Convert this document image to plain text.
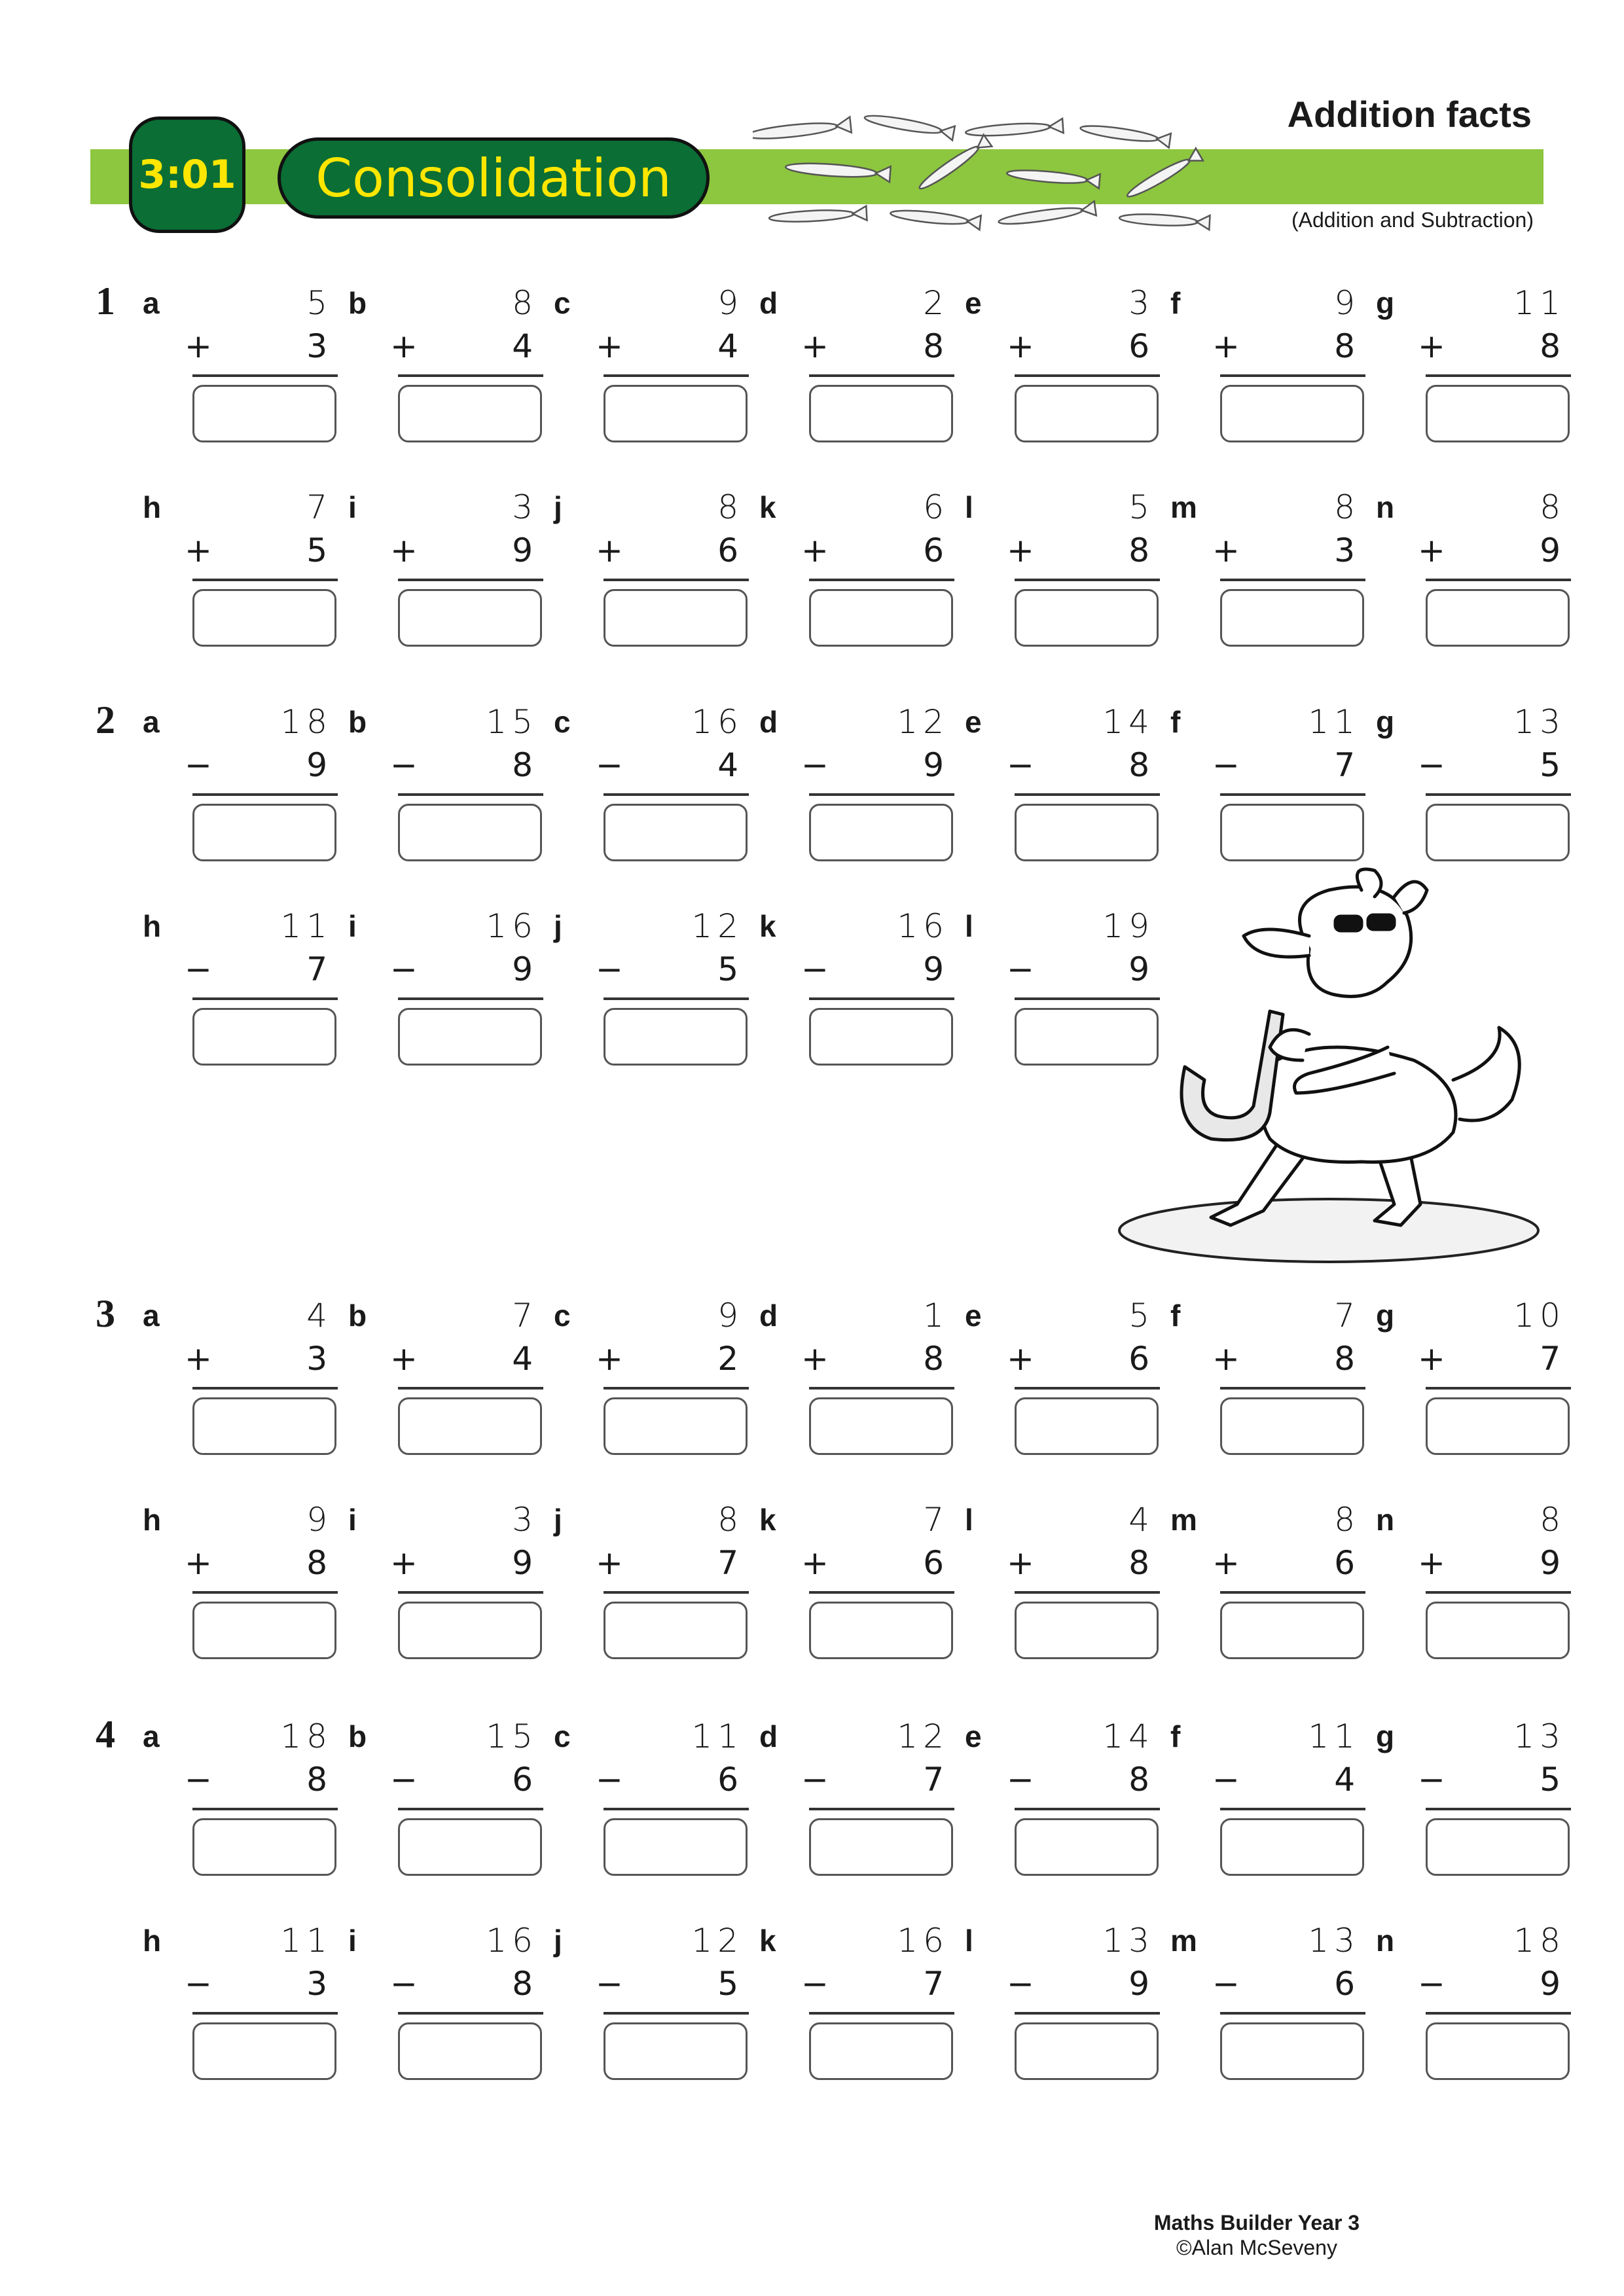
3:01	Consolidation
Addition facts
(Addition and Subtraction)
1 a	5
+	3
b	8
+	4
c	9
+	4
d	2
+	8
e	3
+	6
f	9
+	8
g	11
+	8
h	7
+	5
i	3
+	9
j	8
+	6
k	6
+	6
l	5
+	8
m	8
+	3
n	8
+	9
2 a	18
−	9
b	15
−	8
c	16
−	4
d	12
−	9
e	14
−	8
f	11
−	7
g	13
−	5
h	11
−	7
i	16
−	9
j	12
−	5
k	16
−	9
l	19
−	9
3 a	4
+	3
b	7
+	4
c	9
+	2
d	1
+	8
e	5
+	6
f	7
+	8
g	10
+	7
h	9
+	8
i	3
+	9
j	8
+	7
k	7
+	6
l	4
+	8
m	8
+	6
n	8
+	9
4 a	18
−	8
b	15
−	6
c	11
−	6
d	12
−	7
e	14
−	8
f	11
−	4
g	13
−	5
h	11
−	3
i	16
−	8
j	12
−	5
k	16
−	7
l	13
−	9
m	13
−	6
n	18
−	9
Maths Builder Year 3
©Alan McSeveny
